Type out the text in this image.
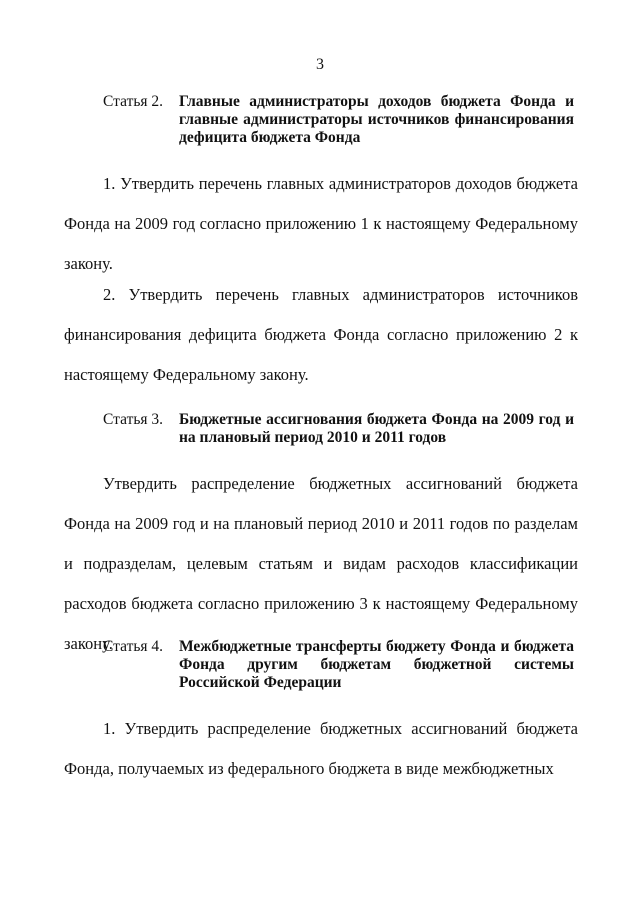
3
Статья 2.	Главные администраторы доходов бюджета Фонда и главные администраторы источников финансирования дефицита бюджета Фонда
1. Утвердить перечень главных администраторов доходов бюджета Фонда на 2009 год согласно приложению 1 к настоящему Федеральному закону.
2. Утвердить перечень главных администраторов источников финансирования дефицита бюджета Фонда согласно приложению 2 к настоящему Федеральному закону.
Статья 3.	Бюджетные ассигнования бюджета Фонда на 2009 год и на плановый период 2010 и 2011 годов
Утвердить распределение бюджетных ассигнований бюджета Фонда на 2009 год и на плановый период 2010 и 2011 годов по разделам и подразделам, целевым статьям и видам расходов классификации расходов бюджета согласно приложению 3 к настоящему Федеральному закону.
Статья 4.	Межбюджетные трансферты бюджету Фонда и бюджета Фонда другим бюджетам бюджетной системы Российской Федерации
1. Утвердить распределение бюджетных ассигнований бюджета Фонда, получаемых из федерального бюджета в виде межбюджетных
